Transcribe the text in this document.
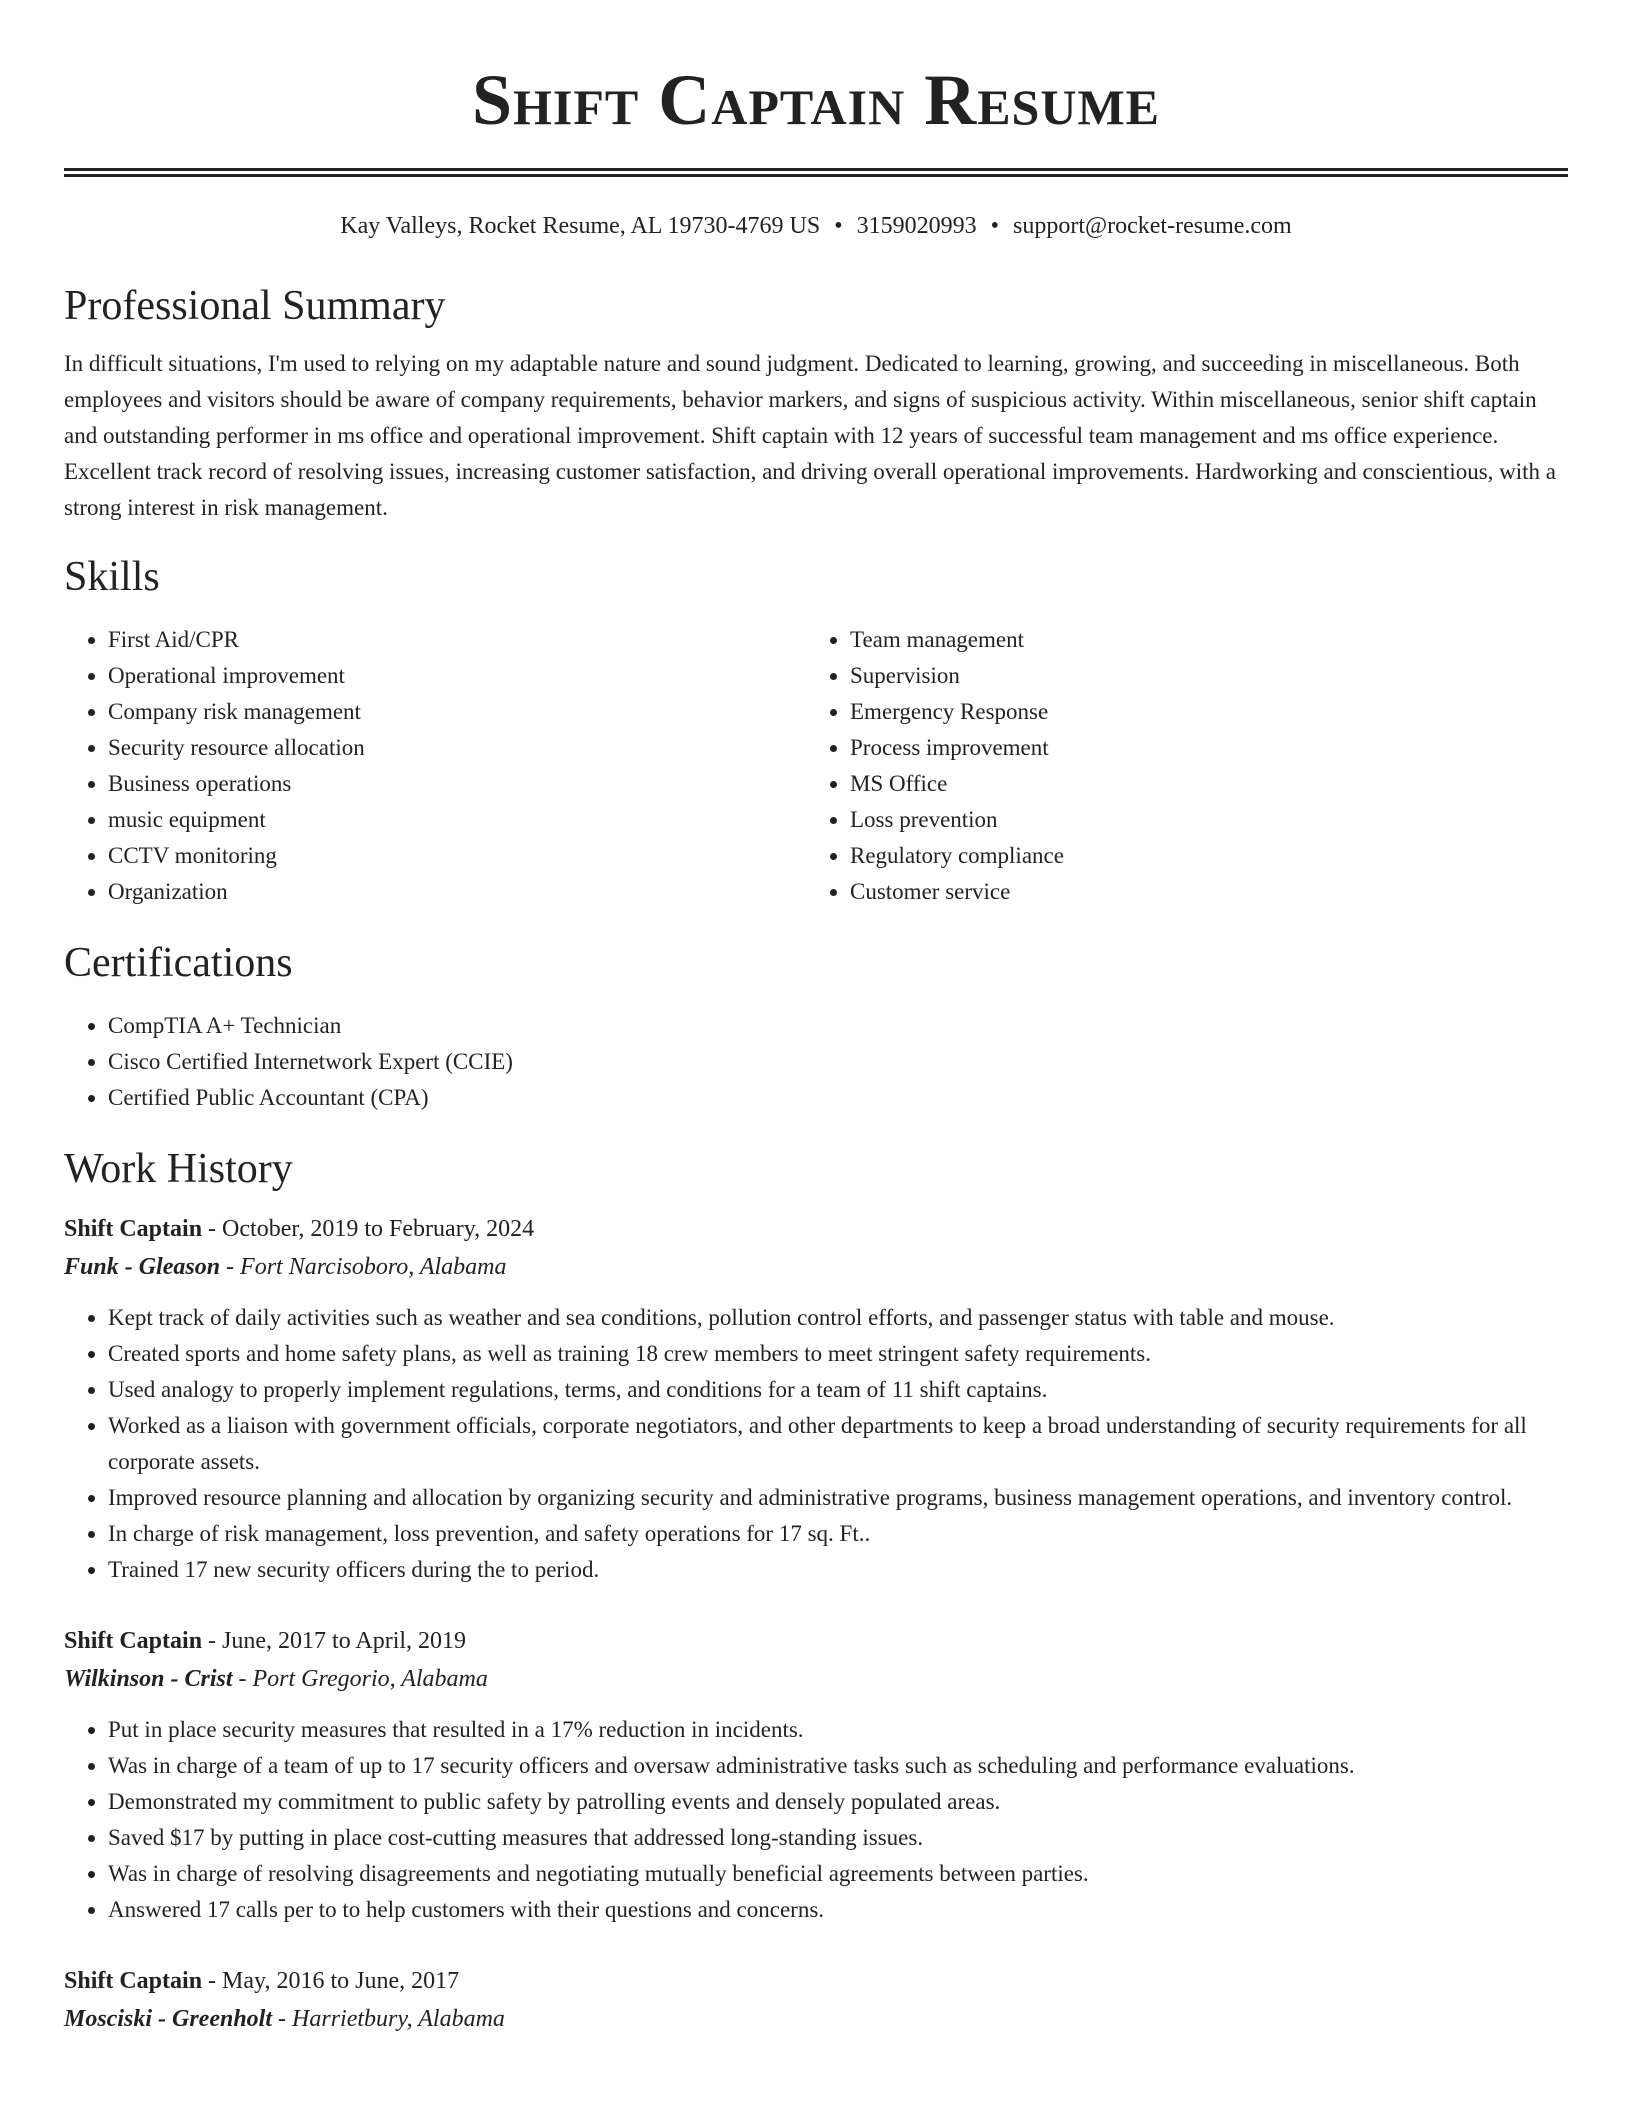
Shift Captain Resume
Kay Valleys, Rocket Resume, AL 19730-4769 US • 3159020993 • support@rocket-resume.com
Professional Summary

In difficult situations, I'm used to relying on my adaptable nature and sound judgment. Dedicated to learning, growing, and succeeding in miscellaneous. Both employees and visitors should be aware of company requirements, behavior markers, and signs of suspicious activity. Within miscellaneous, senior shift captain and outstanding performer in ms office and operational improvement. Shift captain with 12 years of successful team management and ms office experience. Excellent track record of resolving issues, increasing customer satisfaction, and driving overall operational improvements. Hardworking and conscientious, with a strong interest in risk management.

Skills
• First Aid/CPR
• Operational improvement
• Company risk management
• Security resource allocation
• Business operations
• music equipment
• CCTV monitoring
• Organization
• Team management
• Supervision
• Emergency Response
• Process improvement
• MS Office
• Loss prevention
• Regulatory compliance
• Customer service
Certifications
• CompTIA A+ Technician
• Cisco Certified Internetwork Expert (CCIE)
• Certified Public Accountant (CPA)
Work History
Shift Captain - October, 2019 to February, 2024
Funk - Gleason - Fort Narcisoboro, Alabama
• Kept track of daily activities such as weather and sea conditions, pollution control efforts, and passenger status with table and mouse.
• Created sports and home safety plans, as well as training 18 crew members to meet stringent safety requirements.
• Used analogy to properly implement regulations, terms, and conditions for a team of 11 shift captains.
• Worked as a liaison with government officials, corporate negotiators, and other departments to keep a broad understanding of security requirements for all corporate assets.
• Improved resource planning and allocation by organizing security and administrative programs, business management operations, and inventory control.
• In charge of risk management, loss prevention, and safety operations for 17 sq. Ft..
• Trained 17 new security officers during the to period.
Shift Captain - June, 2017 to April, 2019
Wilkinson - Crist - Port Gregorio, Alabama
• Put in place security measures that resulted in a 17% reduction in incidents.
• Was in charge of a team of up to 17 security officers and oversaw administrative tasks such as scheduling and performance evaluations.
• Demonstrated my commitment to public safety by patrolling events and densely populated areas.
• Saved $17 by putting in place cost-cutting measures that addressed long-standing issues.
• Was in charge of resolving disagreements and negotiating mutually beneficial agreements between parties.
• Answered 17 calls per to to help customers with their questions and concerns.
Shift Captain - May, 2016 to June, 2017
Mosciski - Greenholt - Harrietbury, Alabama
